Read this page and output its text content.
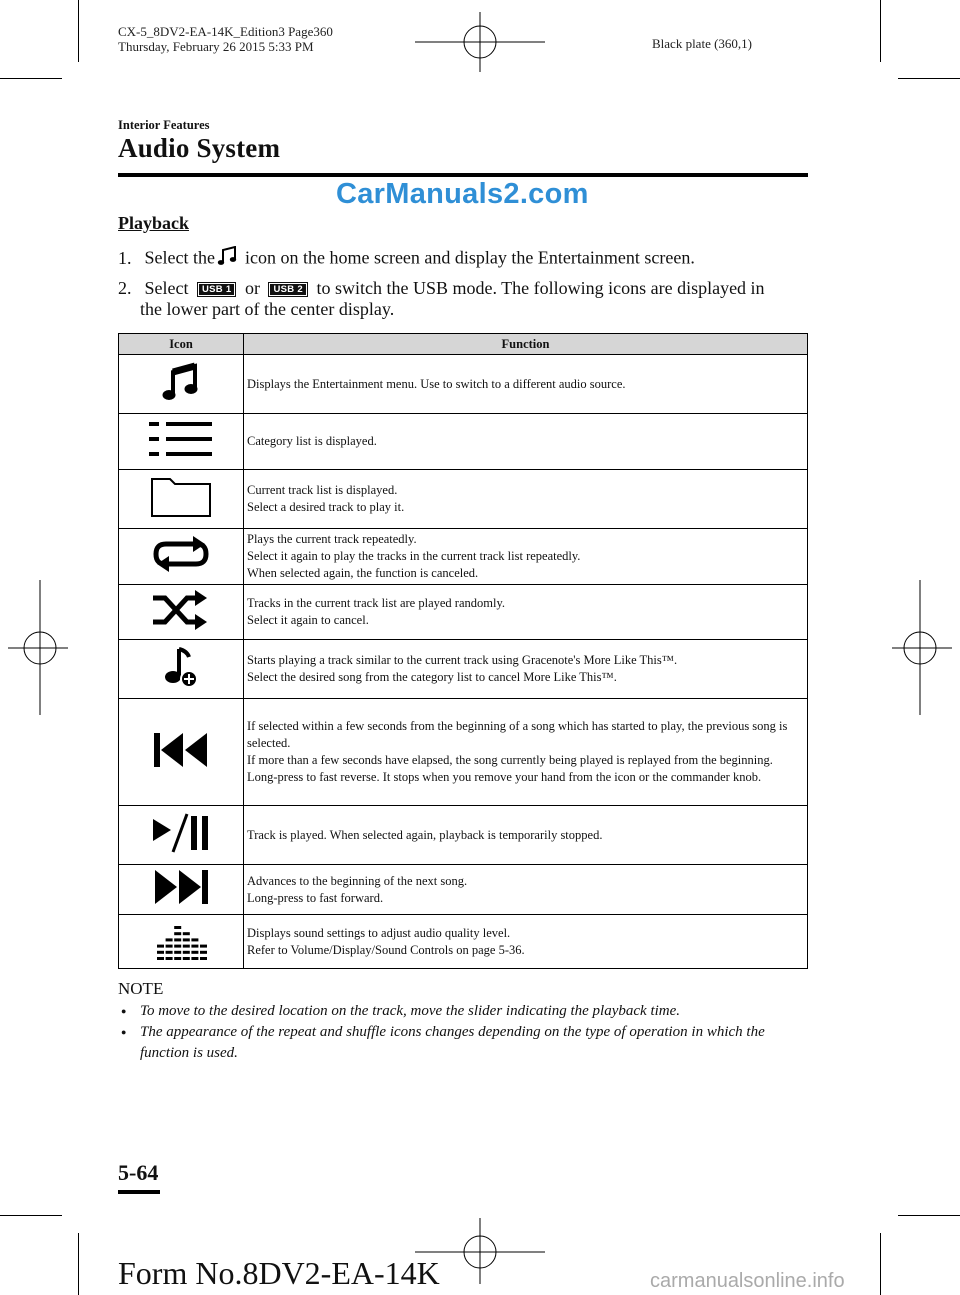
CX-5_8DV2-EA-14K_Edition3 Page360
Thursday, February 26 2015 5:33 PM	Black plate (360,1)
Interior Features
Audio System
CarManuals2.com
Playback
1. Select the icon on the home screen and display the Entertainment screen.
2. Select USB 1 or USB 2 to switch the USB mode. The following icons are displayed in
the lower part of the center display.
Icon	Function

Displays the Entertainment menu. Use to switch to a different audio source.

Category list is displayed.

Current track list is displayed.
Select a desired track to play it.

Plays the current track repeatedly.
Select it again to play the tracks in the current track list repeatedly.
When selected again, the function is canceled.

Tracks in the current track list are played randomly.
Select it again to cancel.

Starts playing a track similar to the current track using Gracenote's More Like This™.
Select the desired song from the category list to cancel More Like This™.

If selected within a few seconds from the beginning of a song which has started to play, the previous song is selected.
If more than a few seconds have elapsed, the song currently being played is replayed from the beginning.
Long-press to fast reverse. It stops when you remove your hand from the icon or the commander knob.

Track is played. When selected again, playback is temporarily stopped.

Advances to the beginning of the next song.
Long-press to fast forward.

Displays sound settings to adjust audio quality level.
Refer to Volume/Display/Sound Controls on page 5-36.
NOTE
● To move to the desired location on the track, move the slider indicating the playback time.
● The appearance of the repeat and shuffle icons changes depending on the type of operation in which the function is used.
5-64
Form No.8DV2-EA-14K	carmanualsonline.info
